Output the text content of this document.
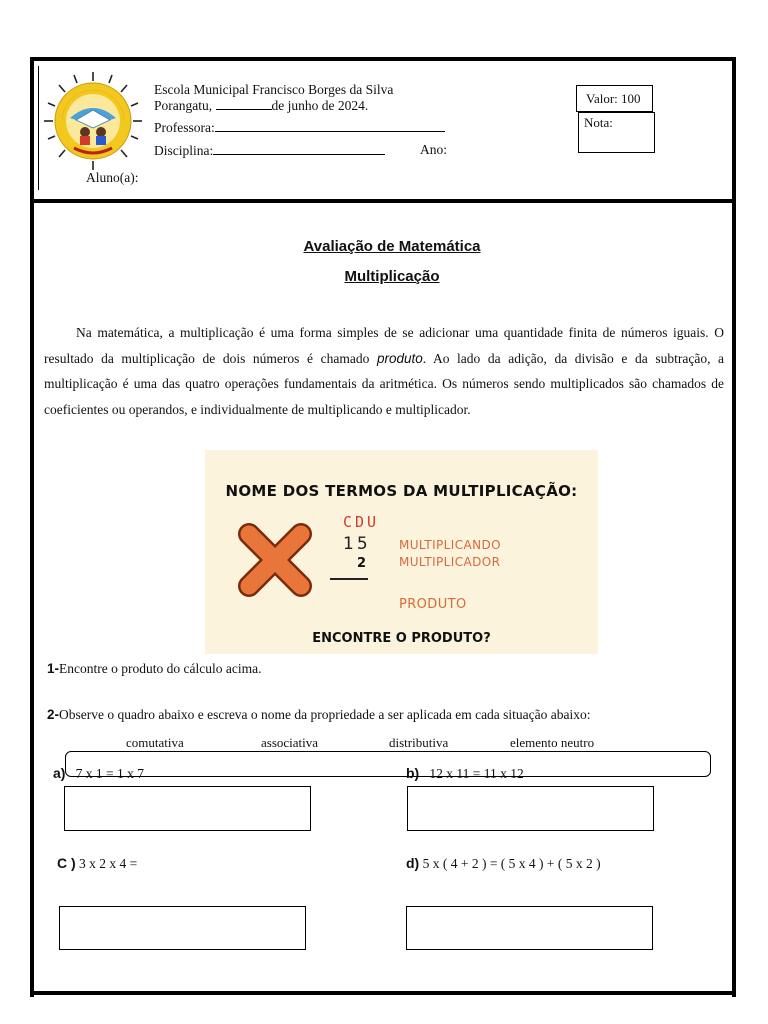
Escola Municipal Francisco Borges da Silva
Porangatu,	de junho de 2024.
Professora:
Disciplina:	Ano:
Aluno(a):
Valor: 100
Nota:
Avaliação de Matemática
Multiplicação
Na matemática, a multiplicação é uma forma simples de se adicionar uma quantidade finita de números iguais. O resultado da multiplicação de dois números é chamado produto. Ao lado da adição, da divisão e da subtração, a multiplicação é uma das quatro operações fundamentais da aritmética. Os números sendo multiplicados são chamados de coeficientes ou operandos, e individualmente de multiplicando e multiplicador.
NOME DOS TERMOS DA MULTIPLICAÇÃO:
CDU
15
2
MULTIPLICANDO
MULTIPLICADOR
PRODUTO
ENCONTRE O PRODUTO?
1-Encontre o produto do cálculo acima.
2-Observe o quadro abaixo e escreva o nome da propriedade a ser aplicada em cada situação abaixo:
comutativa	associativa	distributiva	elemento neutro
a) 7 x 1 = 1 x 7	b) 12 x 11 = 11 x 12
C ) 3 x 2 x 4 =	d) 5 x ( 4 + 2 ) = ( 5 x 4 ) + ( 5 x 2 )
